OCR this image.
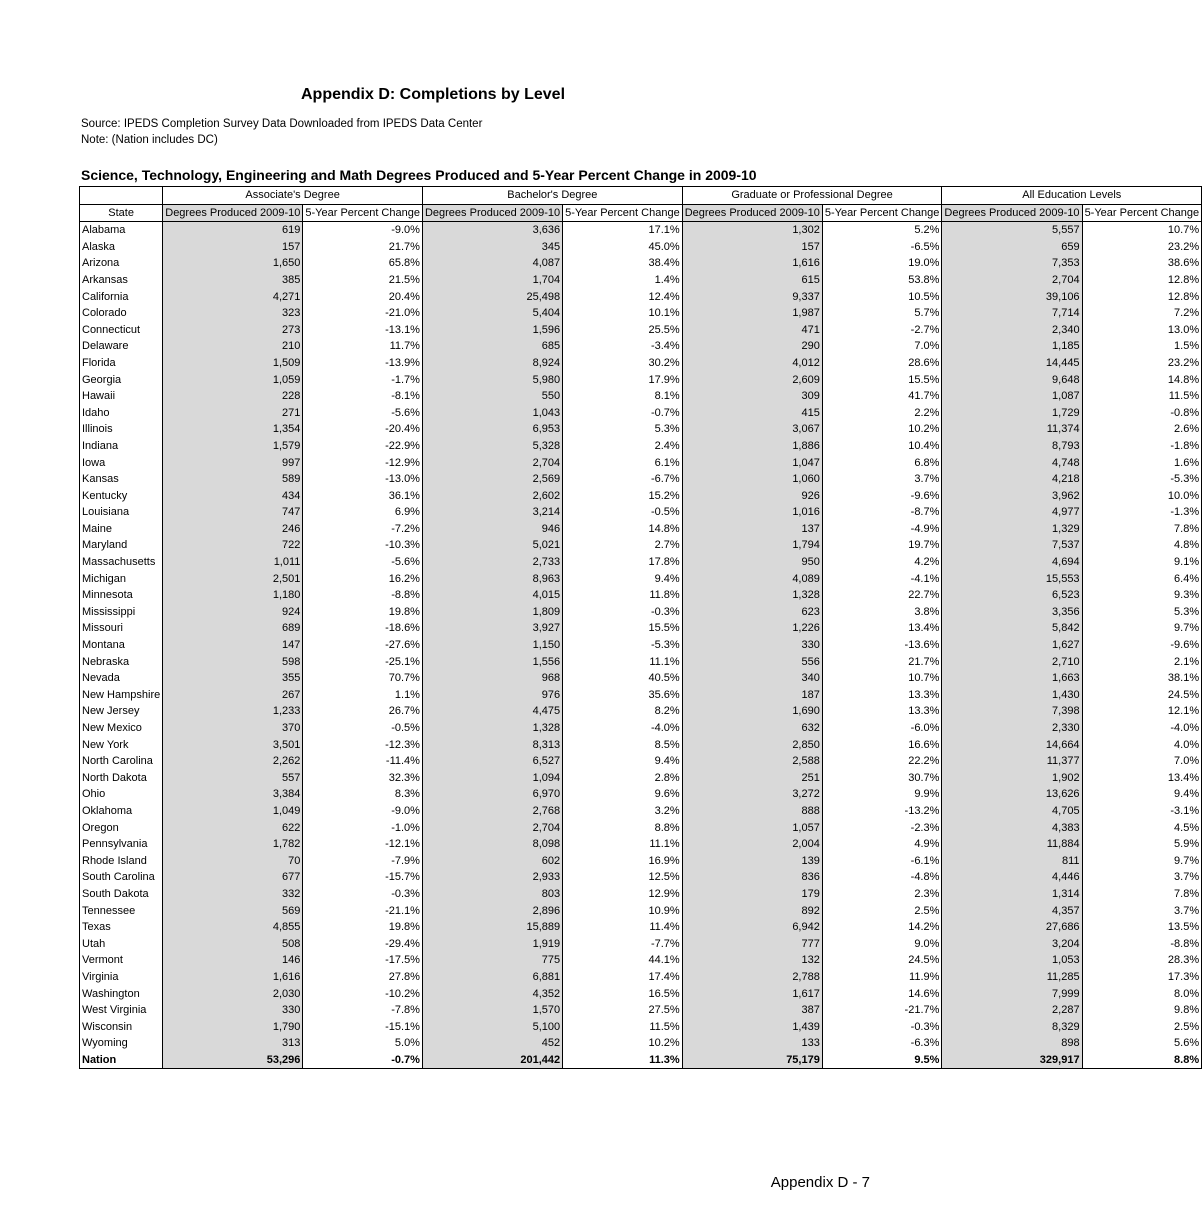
Appendix D: Completions by Level
Source: IPEDS Completion Survey Data Downloaded from IPEDS Data Center
Note: (Nation includes DC)
Science, Technology, Engineering and Math Degrees Produced and 5-Year Percent Change in 2009-10
	Associate's Degree		Bachelor's Degree		Graduate or Professional Degree		All Education Levels	
State	Degrees Produced 2009-10	5-Year Percent Change	Degrees Produced 2009-10	5-Year Percent Change	Degrees Produced 2009-10	5-Year Percent Change	Degrees Produced 2009-10	5-Year Percent Change
Alabama	619	-9.0%	3,636	17.1%	1,302	5.2%	5,557	10.7%
Alaska	157	21.7%	345	45.0%	157	-6.5%	659	23.2%
Arizona	1,650	65.8%	4,087	38.4%	1,616	19.0%	7,353	38.6%
Arkansas	385	21.5%	1,704	1.4%	615	53.8%	2,704	12.8%
California	4,271	20.4%	25,498	12.4%	9,337	10.5%	39,106	12.8%
Colorado	323	-21.0%	5,404	10.1%	1,987	5.7%	7,714	7.2%
Connecticut	273	-13.1%	1,596	25.5%	471	-2.7%	2,340	13.0%
Delaware	210	11.7%	685	-3.4%	290	7.0%	1,185	1.5%
Florida	1,509	-13.9%	8,924	30.2%	4,012	28.6%	14,445	23.2%
Georgia	1,059	-1.7%	5,980	17.9%	2,609	15.5%	9,648	14.8%
Hawaii	228	-8.1%	550	8.1%	309	41.7%	1,087	11.5%
Idaho	271	-5.6%	1,043	-0.7%	415	2.2%	1,729	-0.8%
Illinois	1,354	-20.4%	6,953	5.3%	3,067	10.2%	11,374	2.6%
Indiana	1,579	-22.9%	5,328	2.4%	1,886	10.4%	8,793	-1.8%
Iowa	997	-12.9%	2,704	6.1%	1,047	6.8%	4,748	1.6%
Kansas	589	-13.0%	2,569	-6.7%	1,060	3.7%	4,218	-5.3%
Kentucky	434	36.1%	2,602	15.2%	926	-9.6%	3,962	10.0%
Louisiana	747	6.9%	3,214	-0.5%	1,016	-8.7%	4,977	-1.3%
Maine	246	-7.2%	946	14.8%	137	-4.9%	1,329	7.8%
Maryland	722	-10.3%	5,021	2.7%	1,794	19.7%	7,537	4.8%
Massachusetts	1,011	-5.6%	2,733	17.8%	950	4.2%	4,694	9.1%
Michigan	2,501	16.2%	8,963	9.4%	4,089	-4.1%	15,553	6.4%
Minnesota	1,180	-8.8%	4,015	11.8%	1,328	22.7%	6,523	9.3%
Mississippi	924	19.8%	1,809	-0.3%	623	3.8%	3,356	5.3%
Missouri	689	-18.6%	3,927	15.5%	1,226	13.4%	5,842	9.7%
Montana	147	-27.6%	1,150	-5.3%	330	-13.6%	1,627	-9.6%
Nebraska	598	-25.1%	1,556	11.1%	556	21.7%	2,710	2.1%
Nevada	355	70.7%	968	40.5%	340	10.7%	1,663	38.1%
New Hampshire	267	1.1%	976	35.6%	187	13.3%	1,430	24.5%
New Jersey	1,233	26.7%	4,475	8.2%	1,690	13.3%	7,398	12.1%
New Mexico	370	-0.5%	1,328	-4.0%	632	-6.0%	2,330	-4.0%
New York	3,501	-12.3%	8,313	8.5%	2,850	16.6%	14,664	4.0%
North Carolina	2,262	-11.4%	6,527	9.4%	2,588	22.2%	11,377	7.0%
North Dakota	557	32.3%	1,094	2.8%	251	30.7%	1,902	13.4%
Ohio	3,384	8.3%	6,970	9.6%	3,272	9.9%	13,626	9.4%
Oklahoma	1,049	-9.0%	2,768	3.2%	888	-13.2%	4,705	-3.1%
Oregon	622	-1.0%	2,704	8.8%	1,057	-2.3%	4,383	4.5%
Pennsylvania	1,782	-12.1%	8,098	11.1%	2,004	4.9%	11,884	5.9%
Rhode Island	70	-7.9%	602	16.9%	139	-6.1%	811	9.7%
South Carolina	677	-15.7%	2,933	12.5%	836	-4.8%	4,446	3.7%
South Dakota	332	-0.3%	803	12.9%	179	2.3%	1,314	7.8%
Tennessee	569	-21.1%	2,896	10.9%	892	2.5%	4,357	3.7%
Texas	4,855	19.8%	15,889	11.4%	6,942	14.2%	27,686	13.5%
Utah	508	-29.4%	1,919	-7.7%	777	9.0%	3,204	-8.8%
Vermont	146	-17.5%	775	44.1%	132	24.5%	1,053	28.3%
Virginia	1,616	27.8%	6,881	17.4%	2,788	11.9%	11,285	17.3%
Washington	2,030	-10.2%	4,352	16.5%	1,617	14.6%	7,999	8.0%
West Virginia	330	-7.8%	1,570	27.5%	387	-21.7%	2,287	9.8%
Wisconsin	1,790	-15.1%	5,100	11.5%	1,439	-0.3%	8,329	2.5%
Wyoming	313	5.0%	452	10.2%	133	-6.3%	898	5.6%
Nation	53,296	-0.7%	201,442	11.3%	75,179	9.5%	329,917	8.8%
Appendix D - 7
